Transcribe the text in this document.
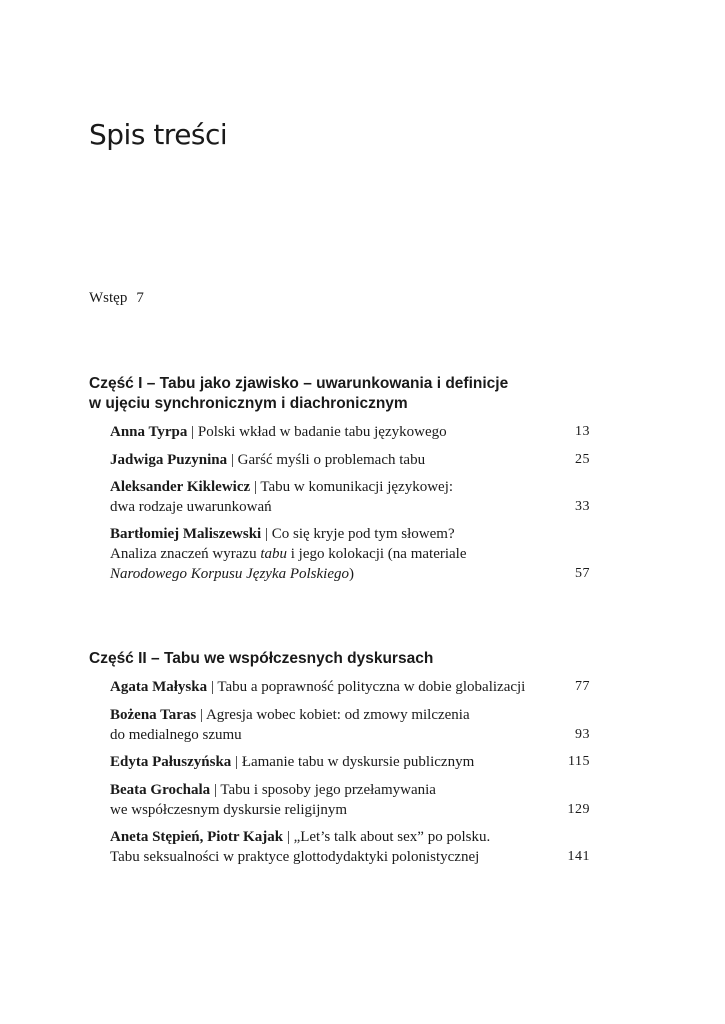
Spis treści
Wstęp 7
Część I – Tabu jako zjawisko – uwarunkowania i definicje
w ujęciu synchronicznym i diachronicznym
Anna Tyrpa | Polski wkład w badanie tabu językowego	13
Jadwiga Puzynina | Garść myśli o problemach tabu	25
Aleksander Kiklewicz | Tabu w komunikacji językowej:
dwa rodzaje uwarunkowań	33
Bartłomiej Maliszewski | Co się kryje pod tym słowem?
Analiza znaczeń wyrazu tabu i jego kolokacji (na materiale
Narodowego Korpusu Języka Polskiego)	57
Część II – Tabu we współczesnych dyskursach
Agata Małyska | Tabu a poprawność polityczna w dobie globalizacji	77
Bożena Taras | Agresja wobec kobiet: od zmowy milczenia
do medialnego szumu	93
Edyta Pałuszyńska | Łamanie tabu w dyskursie publicznym	115
Beata Grochala | Tabu i sposoby jego przełamywania
we współczesnym dyskursie religijnym	129
Aneta Stępień, Piotr Kajak | „Let’s talk about sex” po polsku.
Tabu seksualności w praktyce glottodydaktyki polonistycznej	141
